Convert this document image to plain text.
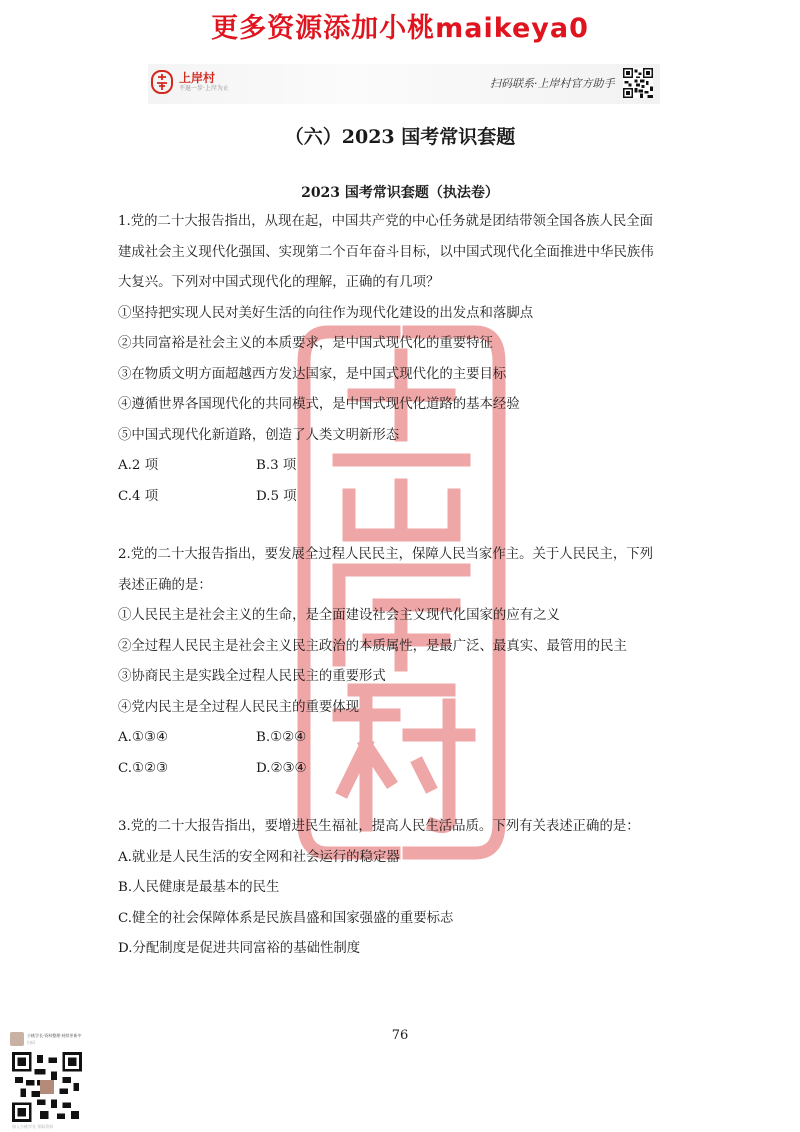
更多资源添加小桃maikeya0
上岸村
不退一步·上岸为止	扫码联系·上岸村官方助手
（六）2023 国考常识套题
2023 国考常识套题（执法卷）
1.党的二十大报告指出，从现在起，中国共产党的中心任务就是团结带领全国各族人民全面
建成社会主义现代化强国、实现第二个百年奋斗目标，以中国式现代化全面推进中华民族伟
大复兴。下列对中国式现代化的理解，正确的有几项？
①坚持把实现人民对美好生活的向往作为现代化建设的出发点和落脚点
②共同富裕是社会主义的本质要求，是中国式现代化的重要特征
③在物质文明方面超越西方发达国家，是中国式现代化的主要目标
④遵循世界各国现代化的共同模式，是中国式现代化道路的基本经验
⑤中国式现代化新道路，创造了人类文明新形态
A.2 项	B.3 项
C.4 项	D.5 项
2.党的二十大报告指出，要发展全过程人民民主，保障人民当家作主。关于人民民主，下列
表述正确的是：
①人民民主是社会主义的生命，是全面建设社会主义现代化国家的应有之义
②全过程人民民主是社会主义民主政治的本质属性，是最广泛、最真实、最管用的民主
③协商民主是实践全过程人民民主的重要形式
④党内民主是全过程人民民主的重要体现
A.①③④	B.①②④
C.①②③	D.②③④
3.党的二十大报告指出，要增进民生福祉，提高人民生活品质。下列有关表述正确的是：
A.就业是人民生活的安全网和社会运行的稳定器
B.人民健康是最基本的民生
C.健全的社会保障体系是民族昌盛和国家强盛的重要标志
D.分配制度是促进共同富裕的基础性制度
76
小桃学长·资料整理·持续更新中
扫码
加入小桃学长 领取资料
